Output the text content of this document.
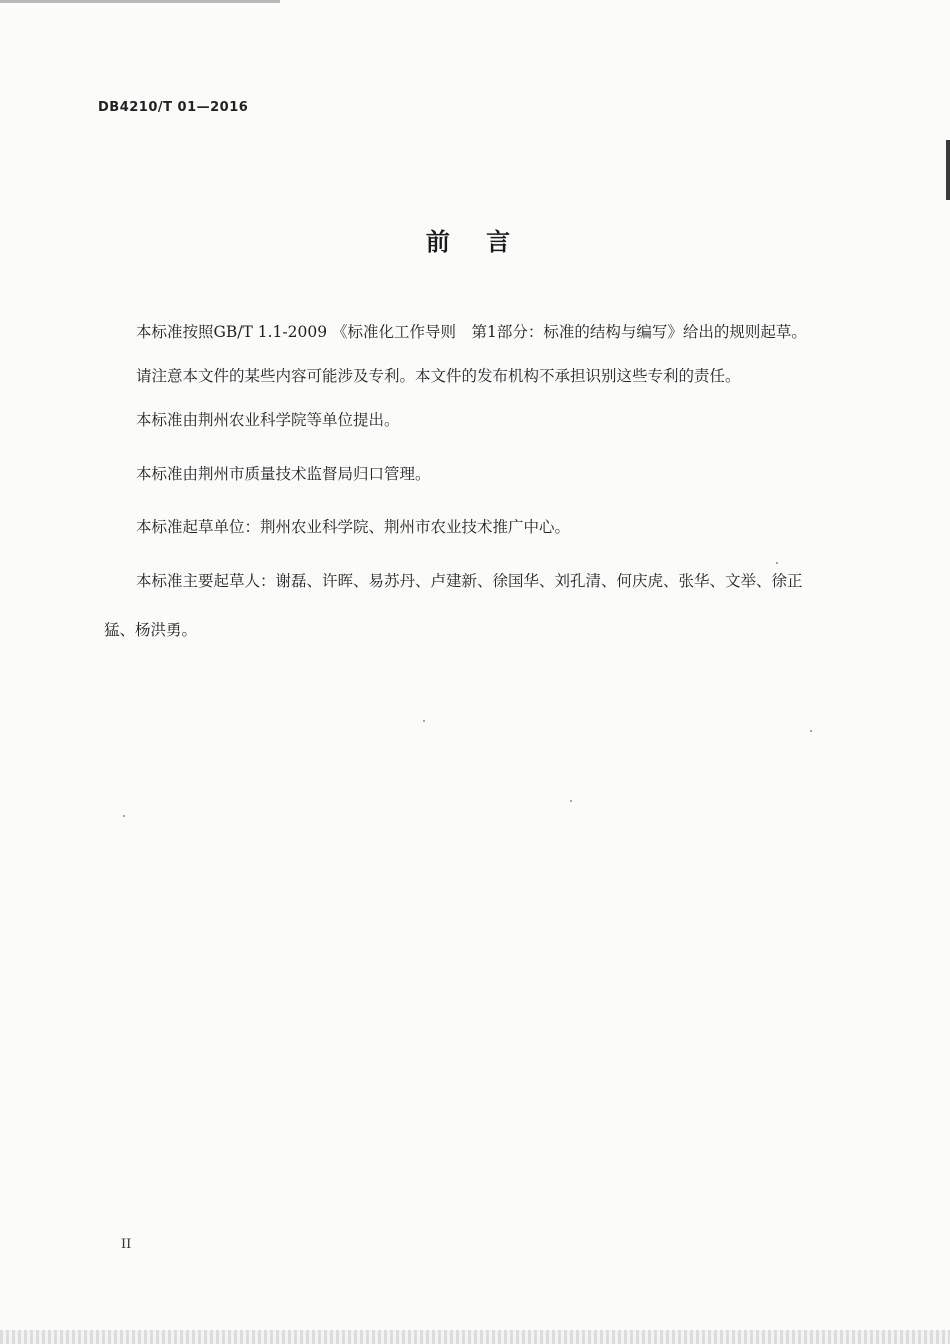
DB4210/T 01—2016
前 言
本标准按照GB/T 1.1-2009 《标准化工作导则　第1部分：标准的结构与编写》给出的规则起草。
请注意本文件的某些内容可能涉及专利。本文件的发布机构不承担识别这些专利的责任。
本标准由荆州农业科学院等单位提出。
本标准由荆州市质量技术监督局归口管理。
本标准起草单位：荆州农业科学院、荆州市农业技术推广中心。
本标准主要起草人：谢磊、许晖、易苏丹、卢建新、徐国华、刘孔清、何庆虎、张华、文举、徐正
猛、杨洪勇。
II
